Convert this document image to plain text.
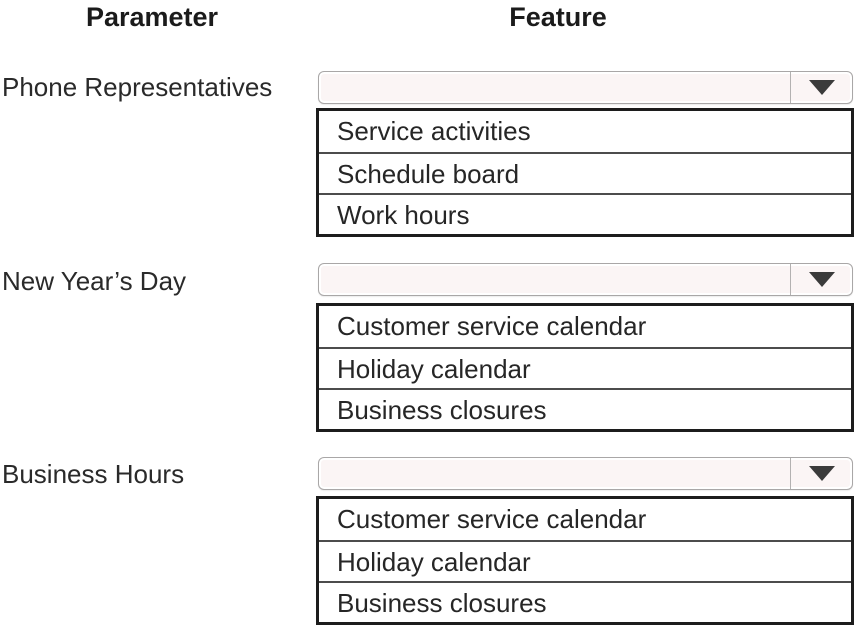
Parameter	Feature
Phone Representatives
Service activities
Schedule board
Work hours
New Year’s Day
Customer service calendar
Holiday calendar
Business closures
Business Hours
Customer service calendar
Holiday calendar
Business closures
